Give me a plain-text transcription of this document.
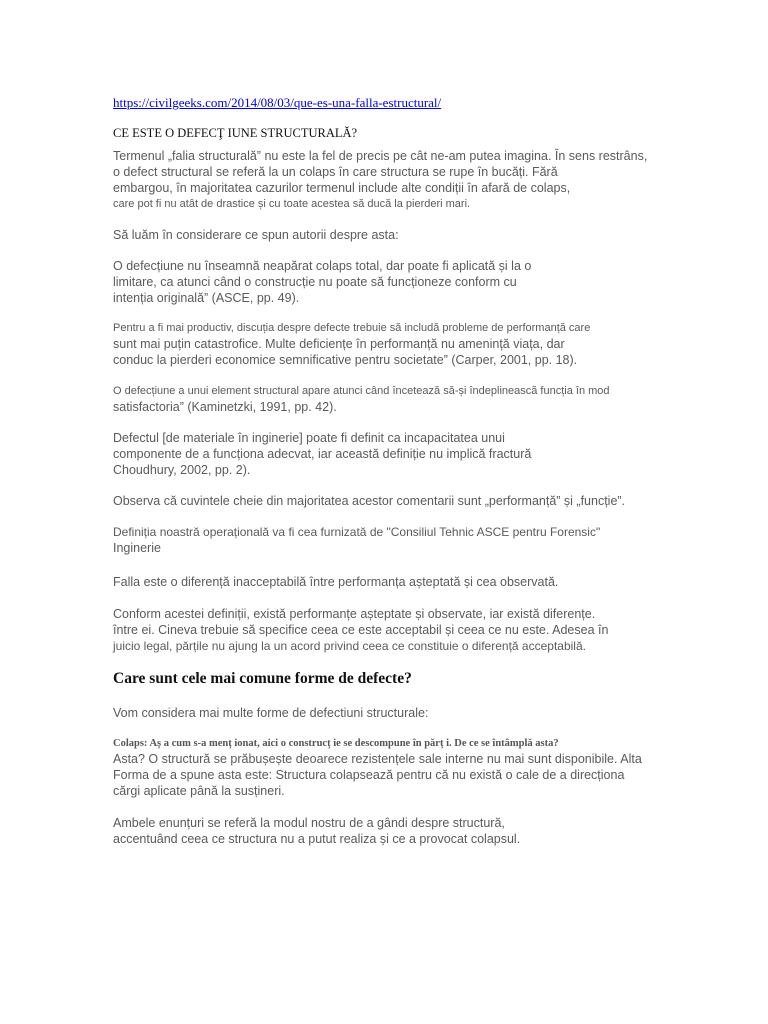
https://civilgeeks.com/2014/08/03/que-es-una-falla-estructural/
CE ESTE O DEFECŢ IUNE STRUCTURALĂ?
Termenul „falia structurală” nu este la fel de precis pe cât ne-am putea imagina. În sens restrâns,
o defect structural se referă la un colaps în care structura se rupe în bucăți. Fără
embargou, în majoritatea cazurilor termenul include alte condiții în afară de colaps,
care pot fi nu atât de drastice și cu toate acestea să ducă la pierderi mari.
Să luăm în considerare ce spun autorii despre asta:
O defecțiune nu înseamnă neapărat colaps total, dar poate fi aplicată și la o
limitare, ca atunci când o construcție nu poate să funcționeze conform cu
intenția originală” (ASCE, pp. 49).
Pentru a fi mai productiv, discuția despre defecte trebuie să includă probleme de performanță care
sunt mai puțin catastrofice. Multe deficiențe în performanță nu amenință viața, dar
conduc la pierderi economice semnificative pentru societate” (Carper, 2001, pp. 18).
O defecțiune a unui element structural apare atunci când încetează să-și îndeplinească funcția în mod
satisfactoria” (Kaminetzki, 1991, pp. 42).
Defectul [de materiale în inginerie] poate fi definit ca incapacitatea unui
componente de a funcționa adecvat, iar această definiție nu implică fractură
Choudhury, 2002, pp. 2).
Observa că cuvintele cheie din majoritatea acestor comentarii sunt „performanță” și „funcție”.
Definiția noastră operațională va fi cea furnizată de "Consiliul Tehnic ASCE pentru Forensic"
Inginerie
Falla este o diferență inacceptabilă între performanța așteptată și cea observată.
Conform acestei definiții, există performanțe așteptate și observate, iar există diferențe.
între ei. Cineva trebuie să specifice ceea ce este acceptabil și ceea ce nu este. Adesea în
juicio legal, părțile nu ajung la un acord privind ceea ce constituie o diferență acceptabilă.
Care sunt cele mai comune forme de defecte?
Vom considera mai multe forme de defectiuni structurale:
Colaps: Aș a cum s-a menț ionat, aici o construcț ie se descompune în părț i. De ce se întâmplă asta?
Asta? O structură se prăbușește deoarece rezistențele sale interne nu mai sunt disponibile. Alta
Forma de a spune asta este: Structura colapsează pentru că nu există o cale de a direcționa
cărgi aplicate până la susțineri.
Ambele enunțuri se referă la modul nostru de a gândi despre structură,
accentuând ceea ce structura nu a putut realiza și ce a provocat colapsul.
